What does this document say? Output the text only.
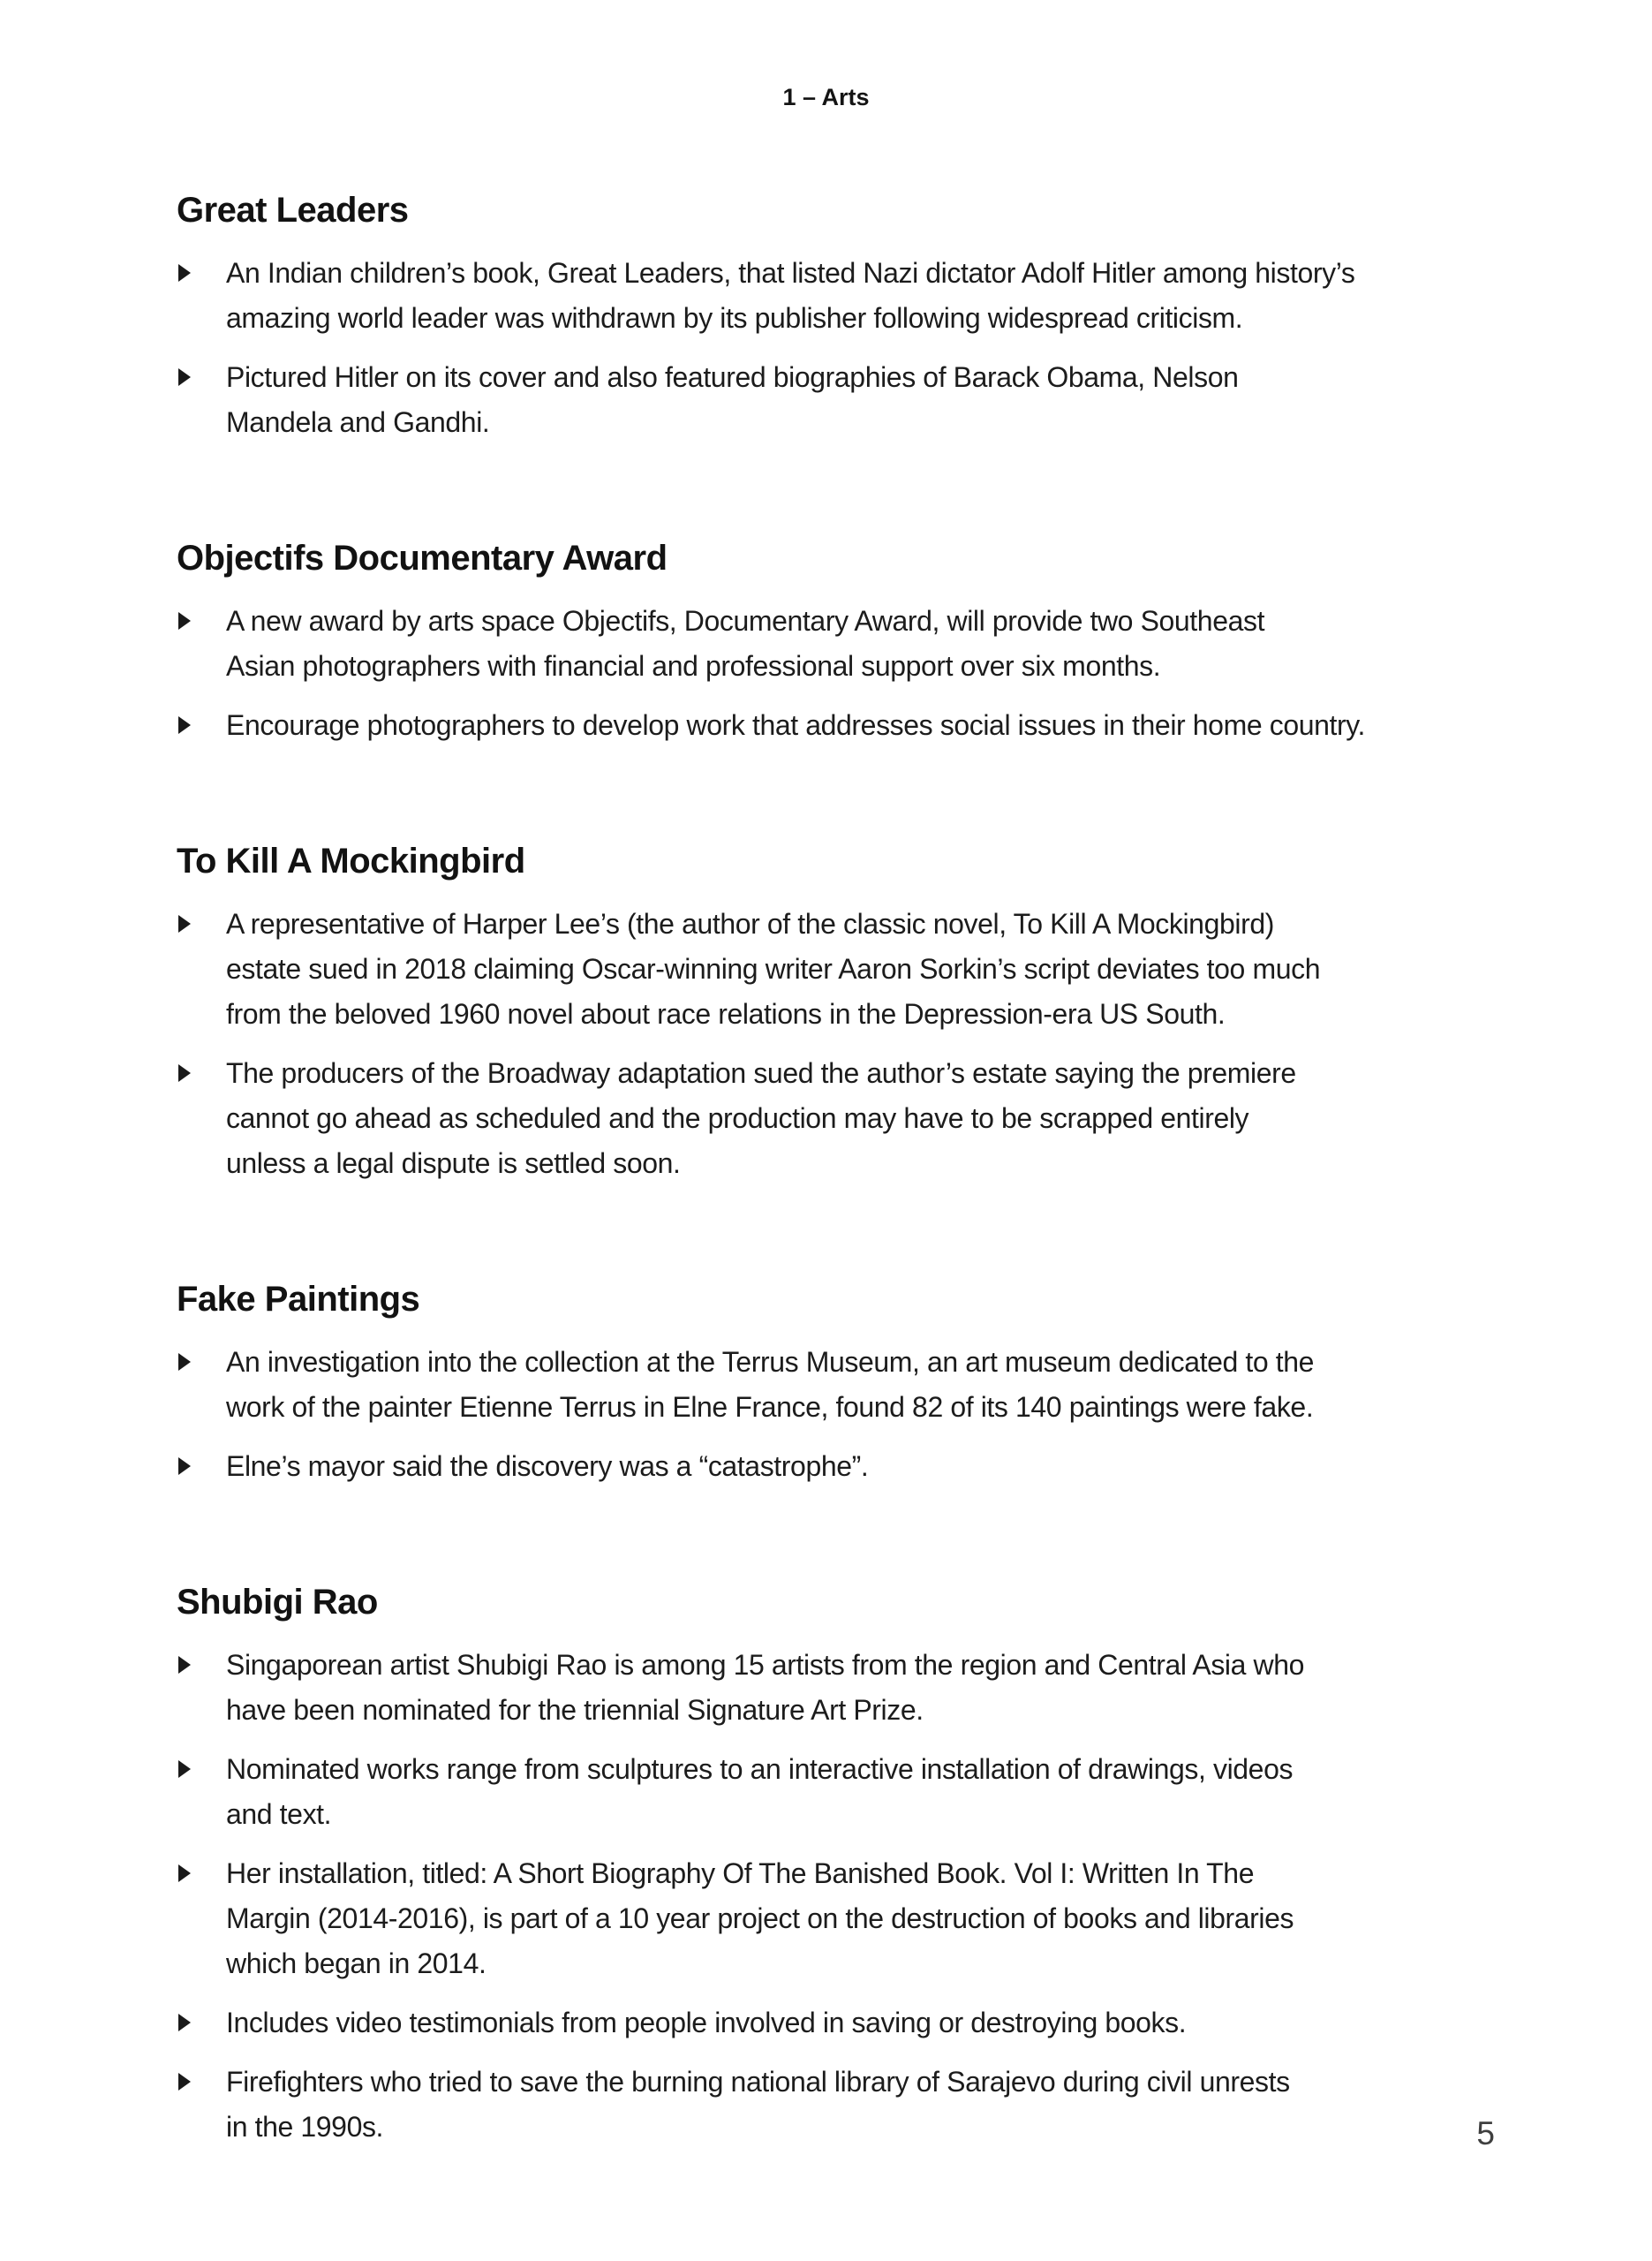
1 – Arts
Great Leaders
An Indian children’s book, Great Leaders, that listed Nazi dictator Adolf Hitler among history’s
amazing world leader was withdrawn by its publisher following widespread criticism.
Pictured Hitler on its cover and also featured biographies of Barack Obama, Nelson
Mandela and Gandhi.
Objectifs Documentary Award
A new award by arts space Objectifs, Documentary Award, will provide two Southeast
Asian photographers with financial and professional support over six months.
Encourage photographers to develop work that addresses social issues in their home country.
To Kill A Mockingbird
A representative of Harper Lee’s (the author of the classic novel, To Kill A Mockingbird)
estate sued in 2018 claiming Oscar-winning writer Aaron Sorkin’s script deviates too much
from the beloved 1960 novel about race relations in the Depression-era US South.
The producers of the Broadway adaptation sued the author’s estate saying the premiere
cannot go ahead as scheduled and the production may have to be scrapped entirely
unless a legal dispute is settled soon.
Fake Paintings
An investigation into the collection at the Terrus Museum, an art museum dedicated to the
work of the painter Etienne Terrus in Elne France, found 82 of its 140 paintings were fake.
Elne’s mayor said the discovery was a “catastrophe”.
Shubigi Rao
Singaporean artist Shubigi Rao is among 15 artists from the region and Central Asia who
have been nominated for the triennial Signature Art Prize.
Nominated works range from sculptures to an interactive installation of drawings, videos
and text.
Her installation, titled: A Short Biography Of The Banished Book. Vol I: Written In The
Margin (2014-2016), is part of a 10 year project on the destruction of books and libraries
which began in 2014.
Includes video testimonials from people involved in saving or destroying books.
Firefighters who tried to save the burning national library of Sarajevo during civil unrests
in the 1990s.	5
